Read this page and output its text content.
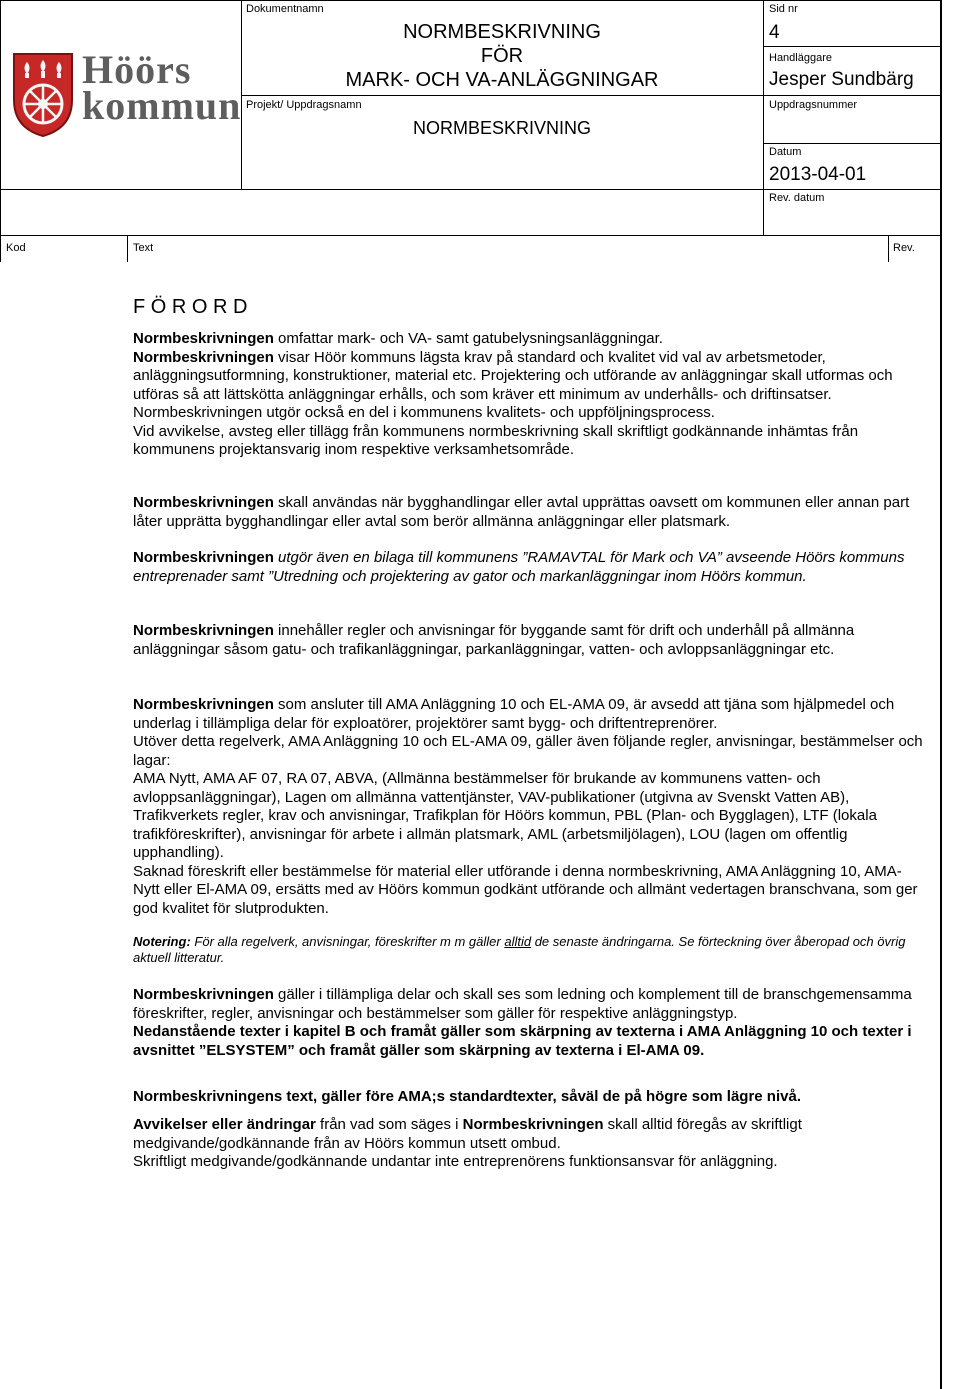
Höörs
kommun
Dokumentnamn
NORMBESKRIVNING
FÖR
MARK- OCH VA-ANLÄGGNINGAR
Projekt/ Uppdragsnamn
NORMBESKRIVNING
Sid nr
4
Handläggare
Jesper Sundbärg
Uppdragsnummer
Datum
2013-04-01
Rev. datum
Kod	Text	Rev.
F Ö R O R D

Normbeskrivningen omfattar mark- och VA- samt gatubelysningsanläggningar.

Normbeskrivningen visar Höör kommuns lägsta krav på standard och kvalitet vid val av arbetsmetoder, anläggningsutformning, konstruktioner, material etc. Projektering och utförande av anläggningar skall utformas och utföras så att lättskötta anläggningar erhålls, och som kräver ett minimum av underhålls- och driftinsatser.

Normbeskrivningen utgör också en del i kommunens kvalitets- och uppföljningsprocess.

Vid avvikelse, avsteg eller tillägg från kommunens normbeskrivning skall skriftligt godkännande inhämtas från kommunens projektansvarig inom respektive verksamhetsområde.

Normbeskrivningen skall användas när bygghandlingar eller avtal upprättas oavsett om kommunen eller annan part låter upprätta bygghandlingar eller avtal som berör allmänna anläggningar eller platsmark.

Normbeskrivningen utgör även en bilaga till kommunens ”RAMAVTAL för Mark och VA” avseende Höörs kommuns entreprenader samt ”Utredning och projektering av gator och markanläggningar inom Höörs kommun.

Normbeskrivningen innehåller regler och anvisningar för byggande samt för drift och underhåll på allmänna anläggningar såsom gatu- och trafikanläggningar, parkanläggningar, vatten- och avloppsanläggningar etc.

Normbeskrivningen som ansluter till AMA Anläggning 10 och EL-AMA 09, är avsedd att tjäna som hjälpmedel och underlag i tillämpliga delar för exploatörer, projektörer samt bygg- och driftentreprenörer.

Utöver detta regelverk, AMA Anläggning 10 och EL-AMA 09, gäller även följande regler, anvisningar, bestämmelser och lagar:

AMA Nytt, AMA AF 07, RA 07, ABVA, (Allmänna bestämmelser för brukande av kommunens vatten- och avloppsanläggningar), Lagen om allmänna vattentjänster, VAV-publikationer (utgivna av Svenskt Vatten AB), Trafikverkets regler, krav och anvisningar, Trafikplan för Höörs kommun, PBL (Plan- och Bygglagen), LTF (lokala trafikföreskrifter), anvisningar för arbete i allmän platsmark, AML (arbetsmiljölagen), LOU (lagen om offentlig upphandling).

Saknad föreskrift eller bestämmelse för material eller utförande i denna normbeskrivning, AMA Anläggning 10, AMA-Nytt eller El-AMA 09, ersätts med av Höörs kommun godkänt utförande och allmänt vedertagen branschvana, som ger god kvalitet för slutprodukten.

Notering: För alla regelverk, anvisningar, föreskrifter m m gäller alltid de senaste ändringarna. Se förteckning över åberopad och övrig aktuell litteratur.

Normbeskrivningen gäller i tillämpliga delar och skall ses som ledning och komplement till de branschgemensamma föreskrifter, regler, anvisningar och bestämmelser som gäller för respektive anläggningstyp.

Nedanstående texter i kapitel B och framåt gäller som skärpning av texterna i AMA Anläggning 10 och texter i avsnittet ”ELSYSTEM” och framåt gäller som skärpning av texterna i El-AMA 09.

Normbeskrivningens text, gäller före AMA;s standardtexter, såväl de på högre som lägre nivå.

Avvikelser eller ändringar från vad som säges i Normbeskrivningen skall alltid föregås av skriftligt medgivande/godkännande från av Höörs kommun utsett ombud.

Skriftligt medgivande/godkännande undantar inte entreprenörens funktionsansvar för anläggning.
